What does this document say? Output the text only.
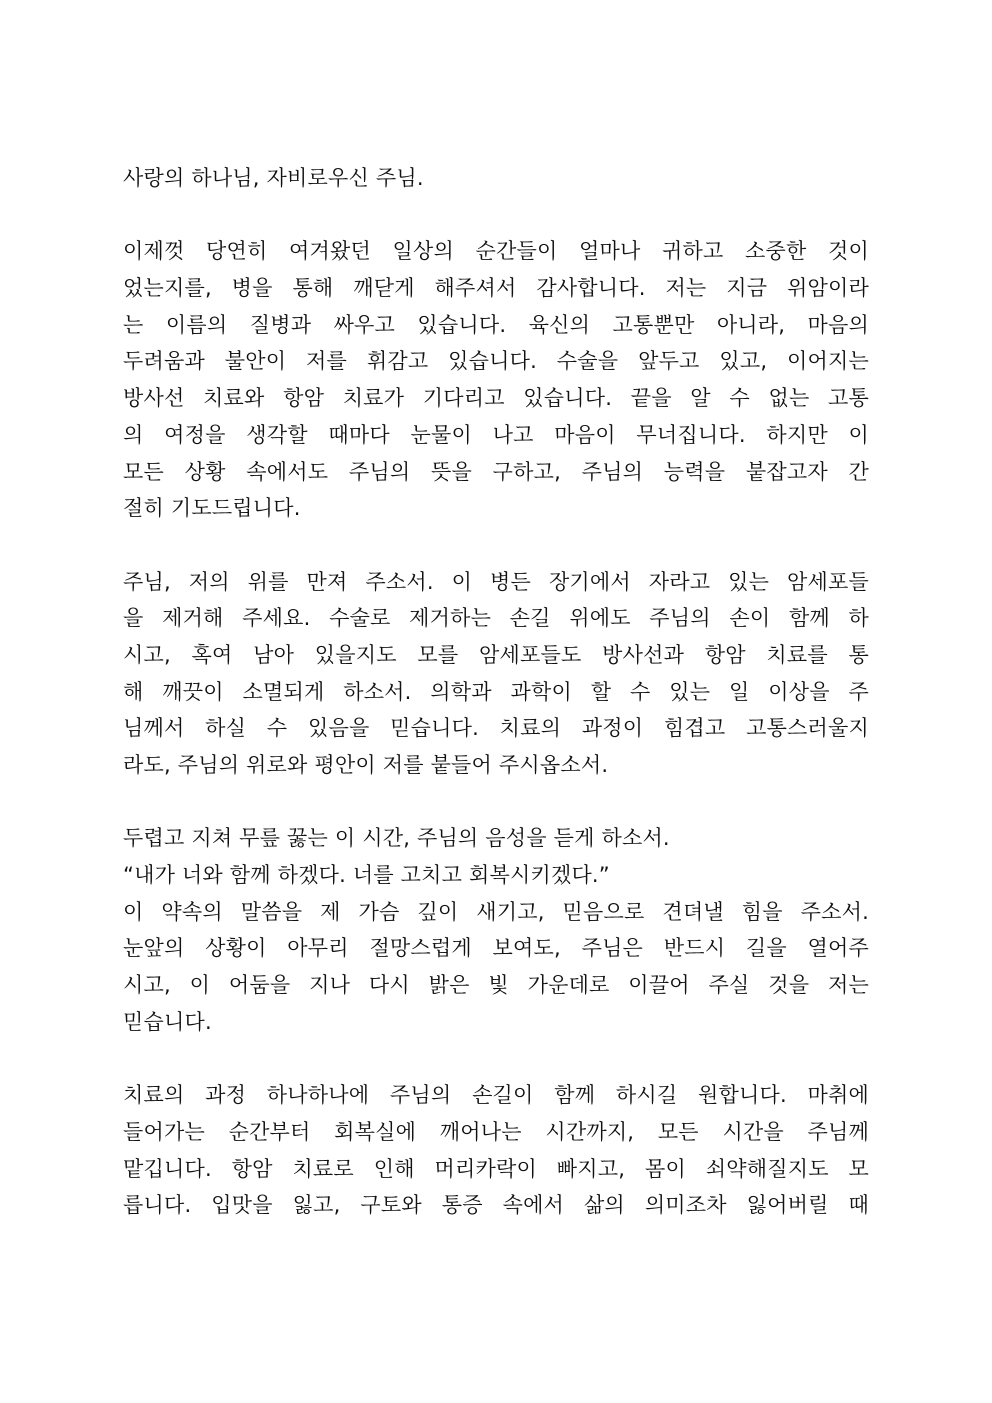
사랑의 하나님, 자비로우신 주님.
이제껏 당연히 여겨왔던 일상의 순간들이 얼마나 귀하고 소중한 것이
었는지를, 병을 통해 깨닫게 해주셔서 감사합니다. 저는 지금 위암이라
는 이름의 질병과 싸우고 있습니다. 육신의 고통뿐만 아니라, 마음의
두려움과 불안이 저를 휘감고 있습니다. 수술을 앞두고 있고, 이어지는
방사선 치료와 항암 치료가 기다리고 있습니다. 끝을 알 수 없는 고통
의 여정을 생각할 때마다 눈물이 나고 마음이 무너집니다. 하지만 이
모든 상황 속에서도 주님의 뜻을 구하고, 주님의 능력을 붙잡고자 간
절히 기도드립니다.
주님, 저의 위를 만져 주소서. 이 병든 장기에서 자라고 있는 암세포들
을 제거해 주세요. 수술로 제거하는 손길 위에도 주님의 손이 함께 하
시고, 혹여 남아 있을지도 모를 암세포들도 방사선과 항암 치료를 통
해 깨끗이 소멸되게 하소서. 의학과 과학이 할 수 있는 일 이상을 주
님께서 하실 수 있음을 믿습니다. 치료의 과정이 힘겹고 고통스러울지
라도, 주님의 위로와 평안이 저를 붙들어 주시옵소서.
두렵고 지쳐 무릎 꿇는 이 시간, 주님의 음성을 듣게 하소서.
“내가 너와 함께 하겠다. 너를 고치고 회복시키겠다.”
이 약속의 말씀을 제 가슴 깊이 새기고, 믿음으로 견뎌낼 힘을 주소서.
눈앞의 상황이 아무리 절망스럽게 보여도, 주님은 반드시 길을 열어주
시고, 이 어둠을 지나 다시 밝은 빛 가운데로 이끌어 주실 것을 저는
믿습니다.
치료의 과정 하나하나에 주님의 손길이 함께 하시길 원합니다. 마취에
들어가는 순간부터 회복실에 깨어나는 시간까지, 모든 시간을 주님께
맡깁니다. 항암 치료로 인해 머리카락이 빠지고, 몸이 쇠약해질지도 모
릅니다. 입맛을 잃고, 구토와 통증 속에서 삶의 의미조차 잃어버릴 때
